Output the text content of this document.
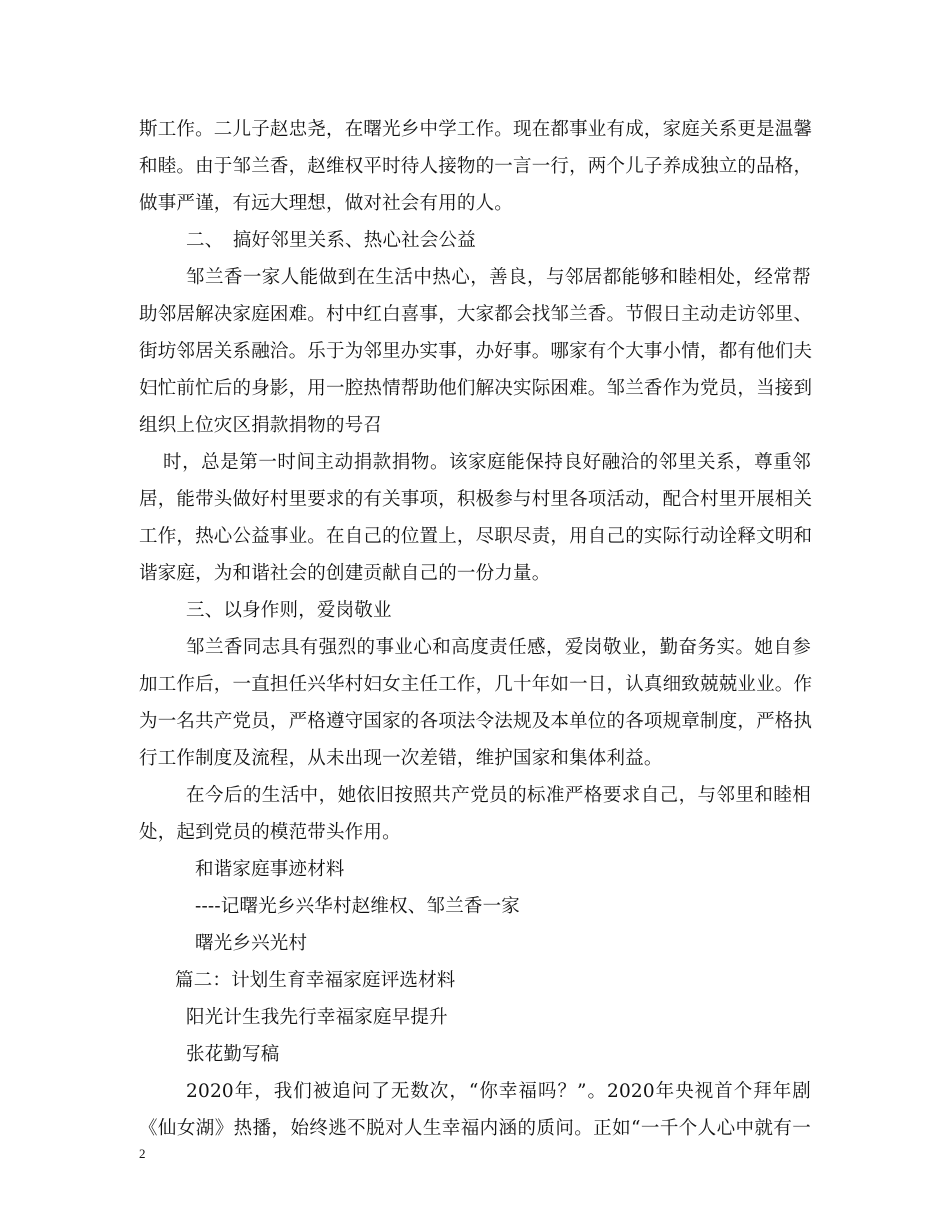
斯工作。二儿子赵忠尧，在曙光乡中学工作。现在都事业有成，家庭关系更是温馨
和睦。由于邹兰香，赵维权平时待人接物的一言一行，两个儿子养成独立的品格，
做事严谨，有远大理想，做对社会有用的人。
二、　搞好邻里关系、热心社会公益
邹兰香一家人能做到在生活中热心，善良，与邻居都能够和睦相处，经常帮
助邻居解决家庭困难。村中红白喜事，大家都会找邹兰香。节假日主动走访邻里、
街坊邻居关系融洽。乐于为邻里办实事，办好事。哪家有个大事小情，都有他们夫
妇忙前忙后的身影，用一腔热情帮助他们解决实际困难。邹兰香作为党员，当接到
组织上位灾区捐款捐物的号召
时，总是第一时间主动捐款捐物。该家庭能保持良好融洽的邻里关系，尊重邻
居，能带头做好村里要求的有关事项，积极参与村里各项活动，配合村里开展相关
工作，热心公益事业。在自己的位置上，尽职尽责，用自己的实际行动诠释文明和
谐家庭，为和谐社会的创建贡献自己的一份力量。
三、以身作则，爱岗敬业
邹兰香同志具有强烈的事业心和高度责任感，爱岗敬业，勤奋务实。她自参
加工作后，一直担任兴华村妇女主任工作，几十年如一日，认真细致兢兢业业。作
为一名共产党员，严格遵守国家的各项法令法规及本单位的各项规章制度，严格执
行工作制度及流程，从未出现一次差错，维护国家和集体利益。
在今后的生活中，她依旧按照共产党员的标准严格要求自己，与邻里和睦相
处，起到党员的模范带头作用。
和谐家庭事迹材料
----记曙光乡兴华村赵维权、邹兰香一家
曙光乡兴光村
篇二：计划生育幸福家庭评选材料
阳光计生我先行幸福家庭早提升
张花勤写稿
2020年，我们被追问了无数次，“你幸福吗？”。2020年央视首个拜年剧
《仙女湖》热播，始终逃不脱对人生幸福内涵的质问。正如“一千个人心中就有一
2
